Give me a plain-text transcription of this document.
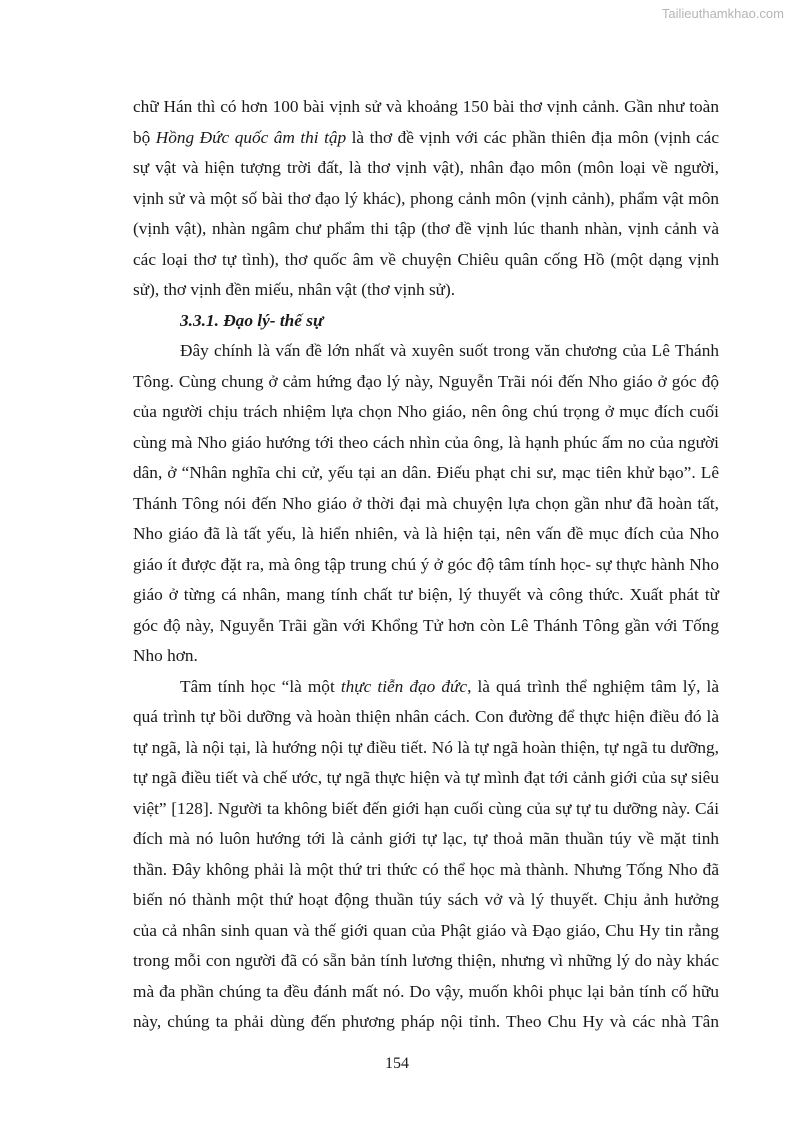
Tailieuthamkhao.com
chữ Hán thì có hơn 100 bài vịnh sử và khoảng 150 bài thơ vịnh cảnh. Gần như toàn
bộ Hồng Đức quốc âm thi tập là thơ đề vịnh với các phần thiên địa môn (vịnh các
sự vật và hiện tượng trời đất, là thơ vịnh vật), nhân đạo môn (môn loại về người,
vịnh sử và một số bài thơ đạo lý khác), phong cảnh môn (vịnh cảnh), phẩm vật môn
(vịnh vật), nhàn ngâm chư phẩm thi tập (thơ đề vịnh lúc thanh nhàn, vịnh cảnh và
các loại thơ tự tình), thơ quốc âm về chuyện Chiêu quân cống Hồ (một dạng vịnh
sử), thơ vịnh đền miếu, nhân vật (thơ vịnh sử).
3.3.1. Đạo lý- thế sự
Đây chính là vấn đề lớn nhất và xuyên suốt trong văn chương của Lê Thánh
Tông. Cùng chung ở cảm hứng đạo lý này, Nguyễn Trãi nói đến Nho giáo ở góc độ
của người chịu trách nhiệm lựa chọn Nho giáo, nên ông chú trọng ở mục đích cuối
cùng mà Nho giáo hướng tới theo cách nhìn của ông, là hạnh phúc ấm no của người
dân, ở “Nhân nghĩa chi cử, yếu tại an dân. Điếu phạt chi sư, mạc tiên khử bạo”. Lê
Thánh Tông nói đến Nho giáo ở thời đại mà chuyện lựa chọn gần như đã hoàn tất,
Nho giáo đã là tất yếu, là hiển nhiên, và là hiện tại, nên vấn đề mục đích của Nho
giáo ít được đặt ra, mà ông tập trung chú ý ở góc độ tâm tính học- sự thực hành Nho
giáo ở từng cá nhân, mang tính chất tư biện, lý thuyết và công thức. Xuất phát từ
góc độ này, Nguyễn Trãi gần với Khổng Tử hơn còn Lê Thánh Tông gần với Tống
Nho hơn.
Tâm tính học “là một thực tiễn đạo đức, là quá trình thể nghiệm tâm lý, là
quá trình tự bồi dưỡng và hoàn thiện nhân cách. Con đường để thực hiện điều đó là
tự ngã, là nội tại, là hướng nội tự điều tiết. Nó là tự ngã hoàn thiện, tự ngã tu dưỡng,
tự ngã điều tiết và chế ước, tự ngã thực hiện và tự mình đạt tới cảnh giới của sự siêu
việt” [128]. Người ta không biết đến giới hạn cuối cùng của sự tự tu dưỡng này. Cái
đích mà nó luôn hướng tới là cảnh giới tự lạc, tự thoả mãn thuần túy về mặt tinh
thần. Đây không phải là một thứ tri thức có thể học mà thành. Nhưng Tống Nho đã
biến nó thành một thứ hoạt động thuần túy sách vở và lý thuyết. Chịu ảnh hưởng
của cả nhân sinh quan và thế giới quan của Phật giáo và Đạo giáo, Chu Hy tin rằng
trong mỗi con người đã có sẵn bản tính lương thiện, nhưng vì những lý do này khác
mà đa phần chúng ta đều đánh mất nó. Do vậy, muốn khôi phục lại bản tính cố hữu
này, chúng ta phải dùng đến phương pháp nội tỉnh. Theo Chu Hy và các nhà Tân
154
